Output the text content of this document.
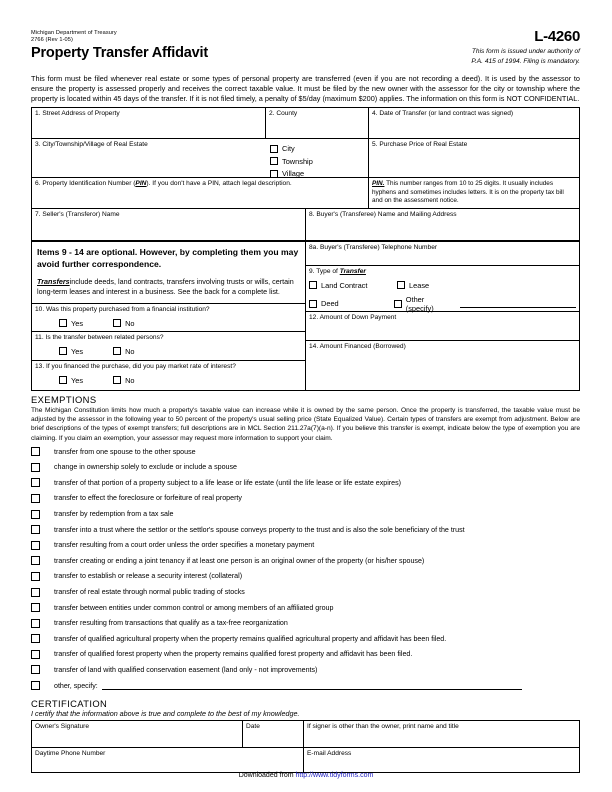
Michigan Department of Treasury
2766 (Rev 1-05)	L-4260
This form is issued under authority of
P.A. 415 of 1994. Filing is mandatory.
Property Transfer Affidavit
This form must be filed whenever real estate or some types of personal property are transferred (even if you are not recording a deed). It is used by the assessor to ensure the property is assessed properly and receives the correct taxable value. It must be filed by the new owner with the assessor for the city or township where the property is located within 45 days of the transfer. If it is not filed timely, a penalty of $5/day (maximum $200) applies. The information on this form is NOT CONFIDENTIAL.
1. Street Address of Property	2. County	4. Date of Transfer (or land contract was signed)
3. City/Township/Village of Real Estate	City
Township
Village
5. Purchase Price of Real Estate
6. Property Identification Number (PIN). If you don't have a PIN, attach legal description.	PIN. This number ranges from 10 to 25 digits. It usually includes hyphens and sometimes includes letters. It is on the property tax bill and on the assessment notice.
7. Seller's (Transferor) Name	8. Buyer's (Transferee) Name and Mailing Address
Items 9 - 14 are optional. However, by completing them you may avoid further correspondence.
Transfersinclude deeds, land contracts, transfers involving trusts or wills, certain long-term leases and interest in a business. See the back for a complete list.
10. Was this property purchased from a financial institution?
Yes	No
11. Is the transfer between related persons?
Yes	No
13. If you financed the purchase, did you pay market rate of interest?
Yes	No
8a. Buyer's (Transferee) Telephone Number
9. Type of Transfer
Land Contract	Lease
Deed	Other (specify)
12. Amount of Down Payment
14. Amount Financed (Borrowed)
EXEMPTIONS
The Michigan Constitution limits how much a property's taxable value can increase while it is owned by the same person. Once the property is transferred, the taxable value must be adjusted by the assessor in the following year to 50 percent of the property's usual selling price (State Equalized Value). Certain types of transfers are exempt from adjustment. Below are brief descriptions of the types of exempt transfers; full descriptions are in MCL Section 211.27a(7)(a-n). If you believe this transfer is exempt, indicate below the type of exemption you are claiming. If you claim an exemption, your assessor may request more information to support your claim.
transfer from one spouse to the other spouse
change in ownership solely to exclude or include a spouse
transfer of that portion of a property subject to a life lease or life estate (until the life lease or life estate expires)
transfer to effect the foreclosure or forfeiture of real property
transfer by redemption from a tax sale
transfer into a trust where the settlor or the settlor's spouse conveys property to the trust and is also the sole beneficiary of the trust
transfer resulting from a court order unless the order specifies a monetary payment
transfer creating or ending a joint tenancy if at least one person is an original owner of the property (or his/her spouse)
transfer to establish or release a security interest (collateral)
transfer of real estate through normal public trading of stocks
transfer between entities under common control or among members of an affiliated group
transfer resulting from transactions that qualify as a tax-free reorganization
transfer of qualified agricultural property when the property remains qualified agricultural property and affidavit has been filed.
transfer of qualified forest property when the property remains qualified forest property and affidavit has been filed.
transfer of land with qualified conservation easement (land only - not improvements)
other, specify:
CERTIFICATION
I certify that the information above is true and complete to the best of my knowledge.
Owner's Signature	Date	If signer is other than the owner, print name and title
Daytime Phone Number	E-mail Address
Downloaded from http://www.tidyforms.com
